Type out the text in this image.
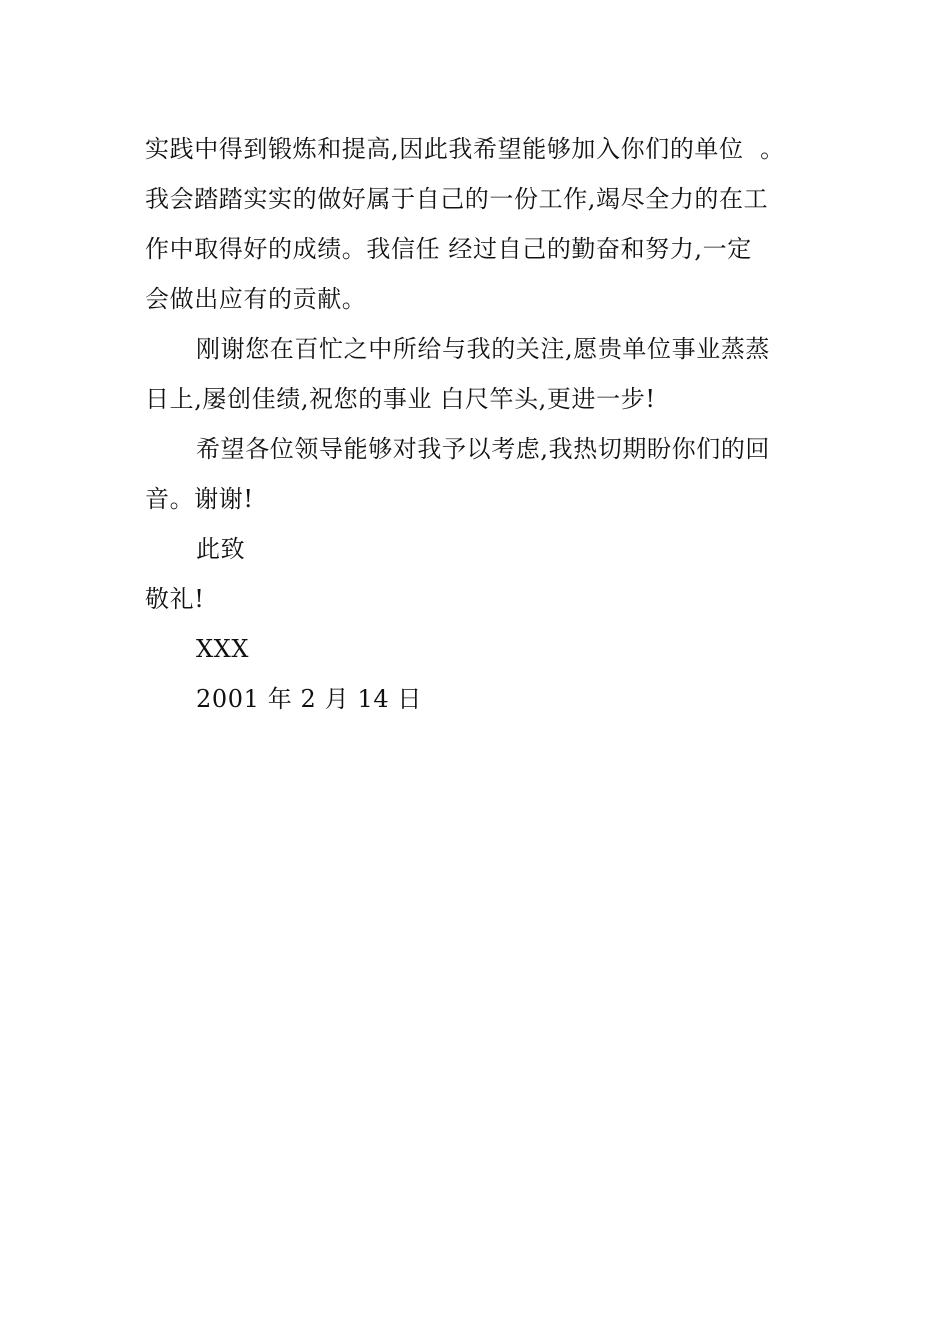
实践中得到锻炼和提高,因此我希望能够加入你们的单位  。
我会踏踏实实的做好属于自己的一份工作,竭尽全力的在工
作中取得好的成绩。我信任 经过自己的勤奋和努力,一定
会做出应有的贡献。
刚谢您在百忙之中所给与我的关注,愿贵单位事业蒸蒸
日上,屡创佳绩,祝您的事业 白尺竿头,更进一步!
希望各位领导能够对我予以考虑,我热切期盼你们的回
音。谢谢!
此致
敬礼!
XXX
2001 年 2 月 14 日
